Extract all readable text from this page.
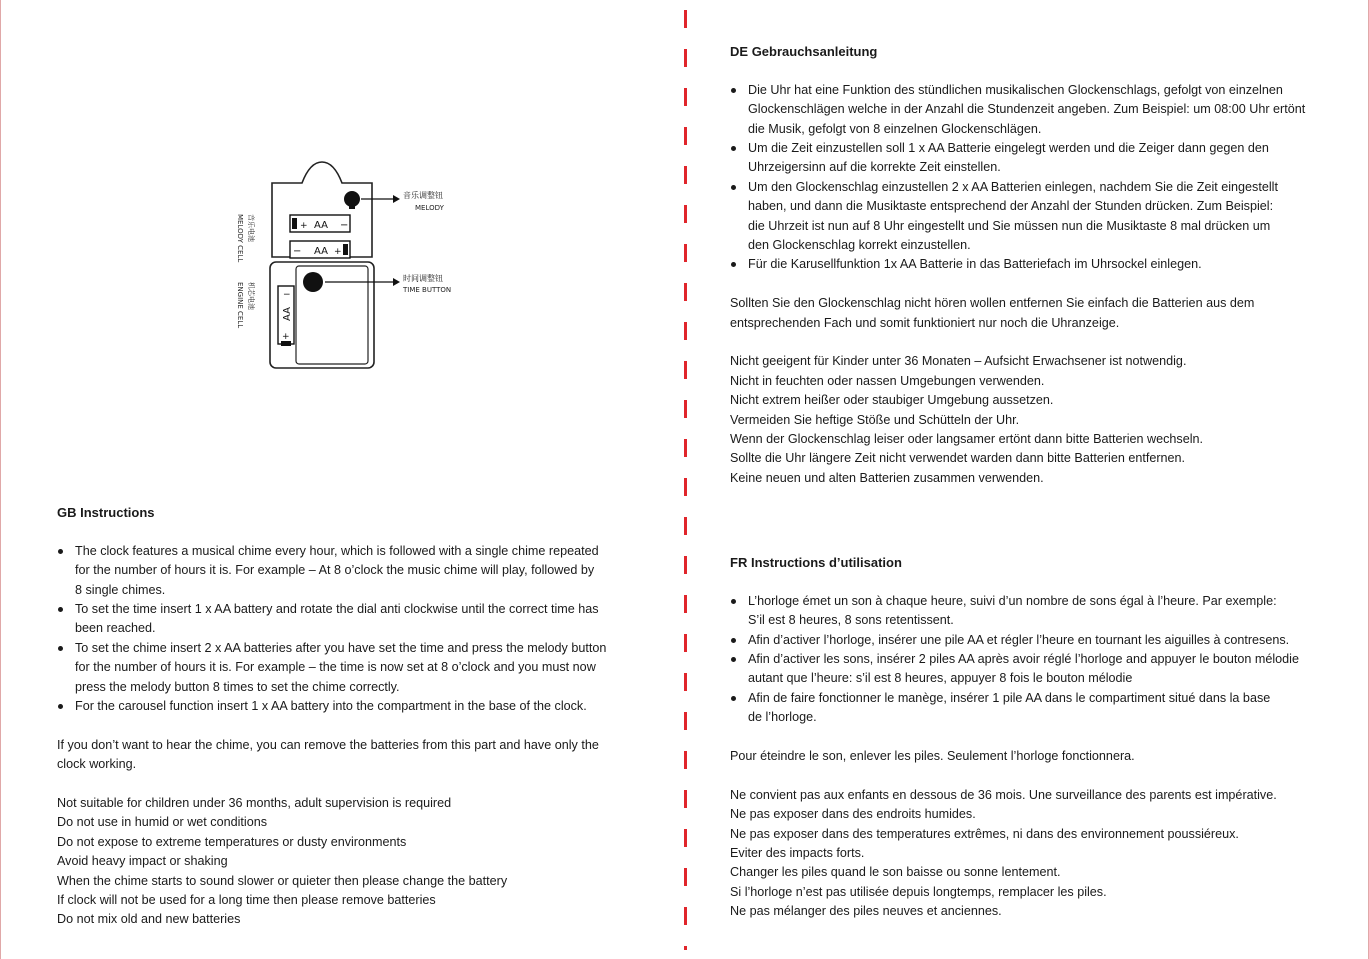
+ AA −
− AA +
−
AA
+
音乐调整钮
MELODY
时间调整钮
TIME BUTTON
MELODY CELL 音乐电池
ENGINE CELL 机芯电池
GB Instructions
The clock features a musical chime every hour, which is followed with a single chime repeated
for the number of hours it is. For example – At 8 o’clock the music chime will play, followed by
8 single chimes.
To set the time insert 1 x AA battery and rotate the dial anti clockwise until the correct time has
been reached.
To set the chime insert 2 x AA batteries after you have set the time and press the melody button
for the number of hours it is. For example – the time is now set at 8 o’clock and you must now
press the melody button 8 times to set the chime correctly.
For the carousel function insert 1 x AA battery into the compartment in the base of the clock.

If you don’t want to hear the chime, you can remove the batteries from this part and have only the
clock working.

Not suitable for children under 36 months, adult supervision is required
Do not use in humid or wet conditions
Do not expose to extreme temperatures or dusty environments
Avoid heavy impact or shaking
When the chime starts to sound slower or quieter then please change the battery
If clock will not be used for a long time then please remove batteries
Do not mix old and new batteries
DE Gebrauchsanleitung
Die Uhr hat eine Funktion des stündlichen musikalischen Glockenschlags, gefolgt von einzelnen
Glockenschlägen welche in der Anzahl die Stundenzeit angeben. Zum Beispiel: um 08:00 Uhr ertönt
die Musik, gefolgt von 8 einzelnen Glockenschlägen.
Um die Zeit einzustellen soll 1 x AA Batterie eingelegt werden und die Zeiger dann gegen den
Uhrzeigersinn auf die korrekte Zeit einstellen.
Um den Glockenschlag einzustellen 2 x AA Batterien einlegen, nachdem Sie die Zeit eingestellt
haben, und dann die Musiktaste entsprechend der Anzahl der Stunden drücken. Zum Beispiel:
die Uhrzeit ist nun auf 8 Uhr eingestellt und Sie müssen nun die Musiktaste 8 mal drücken um
den Glockenschlag korrekt einzustellen.
Für die Karusellfunktion 1x AA Batterie in das Batteriefach im Uhrsockel einlegen.

Sollten Sie den Glockenschlag nicht hören wollen entfernen Sie einfach die Batterien aus dem
entsprechenden Fach und somit funktioniert nur noch die Uhranzeige.

Nicht geeigent für Kinder unter 36 Monaten – Aufsicht Erwachsener ist notwendig.
Nicht in feuchten oder nassen Umgebungen verwenden.
Nicht extrem heißer oder staubiger Umgebung aussetzen.
Vermeiden Sie heftige Stöße und Schütteln der Uhr.
Wenn der Glockenschlag leiser oder langsamer ertönt dann bitte Batterien wechseln.
Sollte die Uhr längere Zeit nicht verwendet warden dann bitte Batterien entfernen.
Keine neuen und alten Batterien zusammen verwenden.
FR Instructions d’utilisation
L’horloge émet un son à chaque heure, suivi d’un nombre de sons égal à l’heure. Par exemple:
S’il est 8 heures, 8 sons retentissent.
Afin d’activer l’horloge, insérer une pile AA et régler l’heure en tournant les aiguilles à contresens.
Afin d’activer les sons, insérer 2 piles AA après avoir réglé l’horloge and appuyer le bouton mélodie
autant que l’heure: s’il est 8 heures, appuyer 8 fois le bouton mélodie
Afin de faire fonctionner le manège, insérer 1 pile AA dans le compartiment situé dans la base
de l’horloge.

Pour éteindre le son, enlever les piles. Seulement l’horloge fonctionnera.

Ne convient pas aux enfants en dessous de 36 mois. Une surveillance des parents est impérative.
Ne pas exposer dans des endroits humides.
Ne pas exposer dans des temperatures extrêmes, ni dans des environnement poussiéreux.
Eviter des impacts forts.
Changer les piles quand le son baisse ou sonne lentement.
Si l’horloge n’est pas utilisée depuis longtemps, remplacer les piles.
Ne pas mélanger des piles neuves et anciennes.
